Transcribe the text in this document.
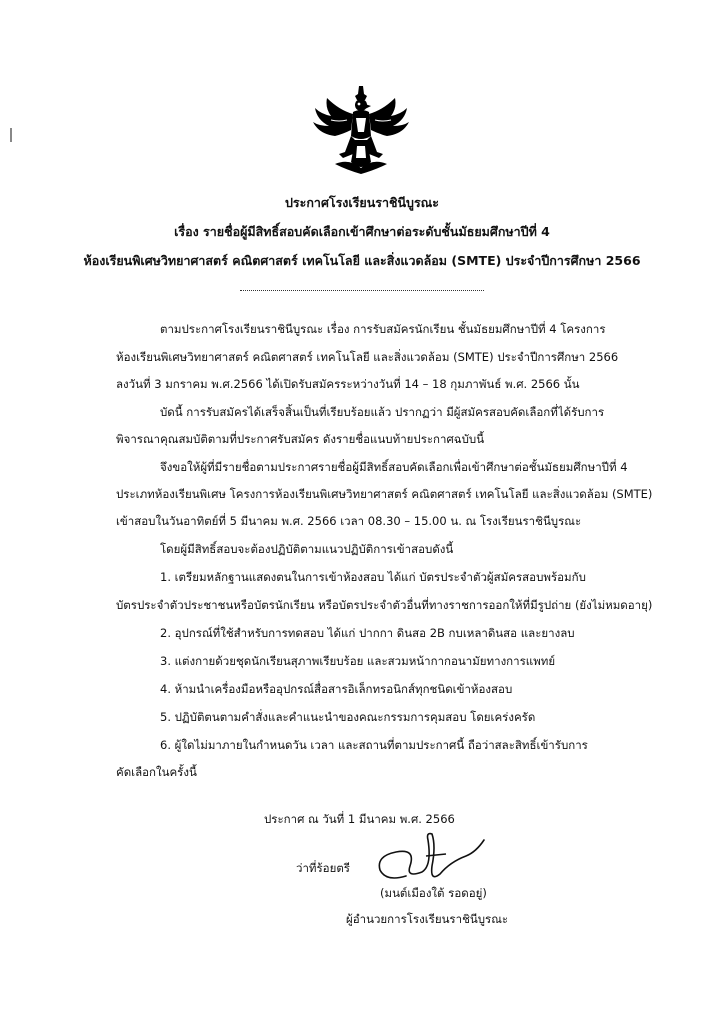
ประกาศโรงเรียนราชินีบูรณะ
เรื่อง รายชื่อผู้มีสิทธิ์สอบคัดเลือกเข้าศึกษาต่อระดับชั้นมัธยมศึกษาปีที่ 4
ห้องเรียนพิเศษวิทยาศาสตร์ คณิตศาสตร์ เทคโนโลยี และสิ่งแวดล้อม (SMTE) ประจำปีการศึกษา 2566
ตามประกาศโรงเรียนราชินีบูรณะ เรื่อง การรับสมัครนักเรียน ชั้นมัธยมศึกษาปีที่ 4 โครงการ
ห้องเรียนพิเศษวิทยาศาสตร์ คณิตศาสตร์ เทคโนโลยี และสิ่งแวดล้อม (SMTE) ประจำปีการศึกษา 2566
ลงวันที่ 3 มกราคม พ.ศ.2566 ได้เปิดรับสมัครระหว่างวันที่ 14 – 18 กุมภาพันธ์ พ.ศ. 2566 นั้น
บัดนี้ การรับสมัครได้เสร็จสิ้นเป็นที่เรียบร้อยแล้ว ปรากฏว่า มีผู้สมัครสอบคัดเลือกที่ได้รับการ
พิจารณาคุณสมบัติตามที่ประกาศรับสมัคร ดังรายชื่อแนบท้ายประกาศฉบับนี้
จึงขอให้ผู้ที่มีรายชื่อตามประกาศรายชื่อผู้มีสิทธิ์สอบคัดเลือกเพื่อเข้าศึกษาต่อชั้นมัธยมศึกษาปีที่ 4
ประเภทห้องเรียนพิเศษ โครงการห้องเรียนพิเศษวิทยาศาสตร์ คณิตศาสตร์ เทคโนโลยี และสิ่งแวดล้อม (SMTE)
เข้าสอบในวันอาทิตย์ที่ 5 มีนาคม พ.ศ. 2566 เวลา 08.30 – 15.00 น. ณ โรงเรียนราชินีบูรณะ
โดยผู้มีสิทธิ์สอบจะต้องปฏิบัติตามแนวปฏิบัติการเข้าสอบดังนี้
1. เตรียมหลักฐานแสดงตนในการเข้าห้องสอบ ได้แก่ บัตรประจำตัวผู้สมัครสอบพร้อมกับ
บัตรประจำตัวประชาชนหรือบัตรนักเรียน หรือบัตรประจำตัวอื่นที่ทางราชการออกให้ที่มีรูปถ่าย (ยังไม่หมดอายุ)
2. อุปกรณ์ที่ใช้สำหรับการทดสอบ ได้แก่ ปากกา ดินสอ 2B กบเหลาดินสอ และยางลบ
3. แต่งกายด้วยชุดนักเรียนสุภาพเรียบร้อย และสวมหน้ากากอนามัยทางการแพทย์
4. ห้ามนำเครื่องมือหรืออุปกรณ์สื่อสารอิเล็กทรอนิกส์ทุกชนิดเข้าห้องสอบ
5. ปฏิบัติตนตามคำสั่งและคำแนะนำของคณะกรรมการคุมสอบ โดยเคร่งครัด
6. ผู้ใดไม่มาภายในกำหนดวัน เวลา และสถานที่ตามประกาศนี้ ถือว่าสละสิทธิ์เข้ารับการ
คัดเลือกในครั้งนี้
ประกาศ ณ วันที่ 1 มีนาคม พ.ศ. 2566
ว่าที่ร้อยตรี
(มนต์เมืองใต้ รอดอยู่)
ผู้อำนวยการโรงเรียนราชินีบูรณะ
